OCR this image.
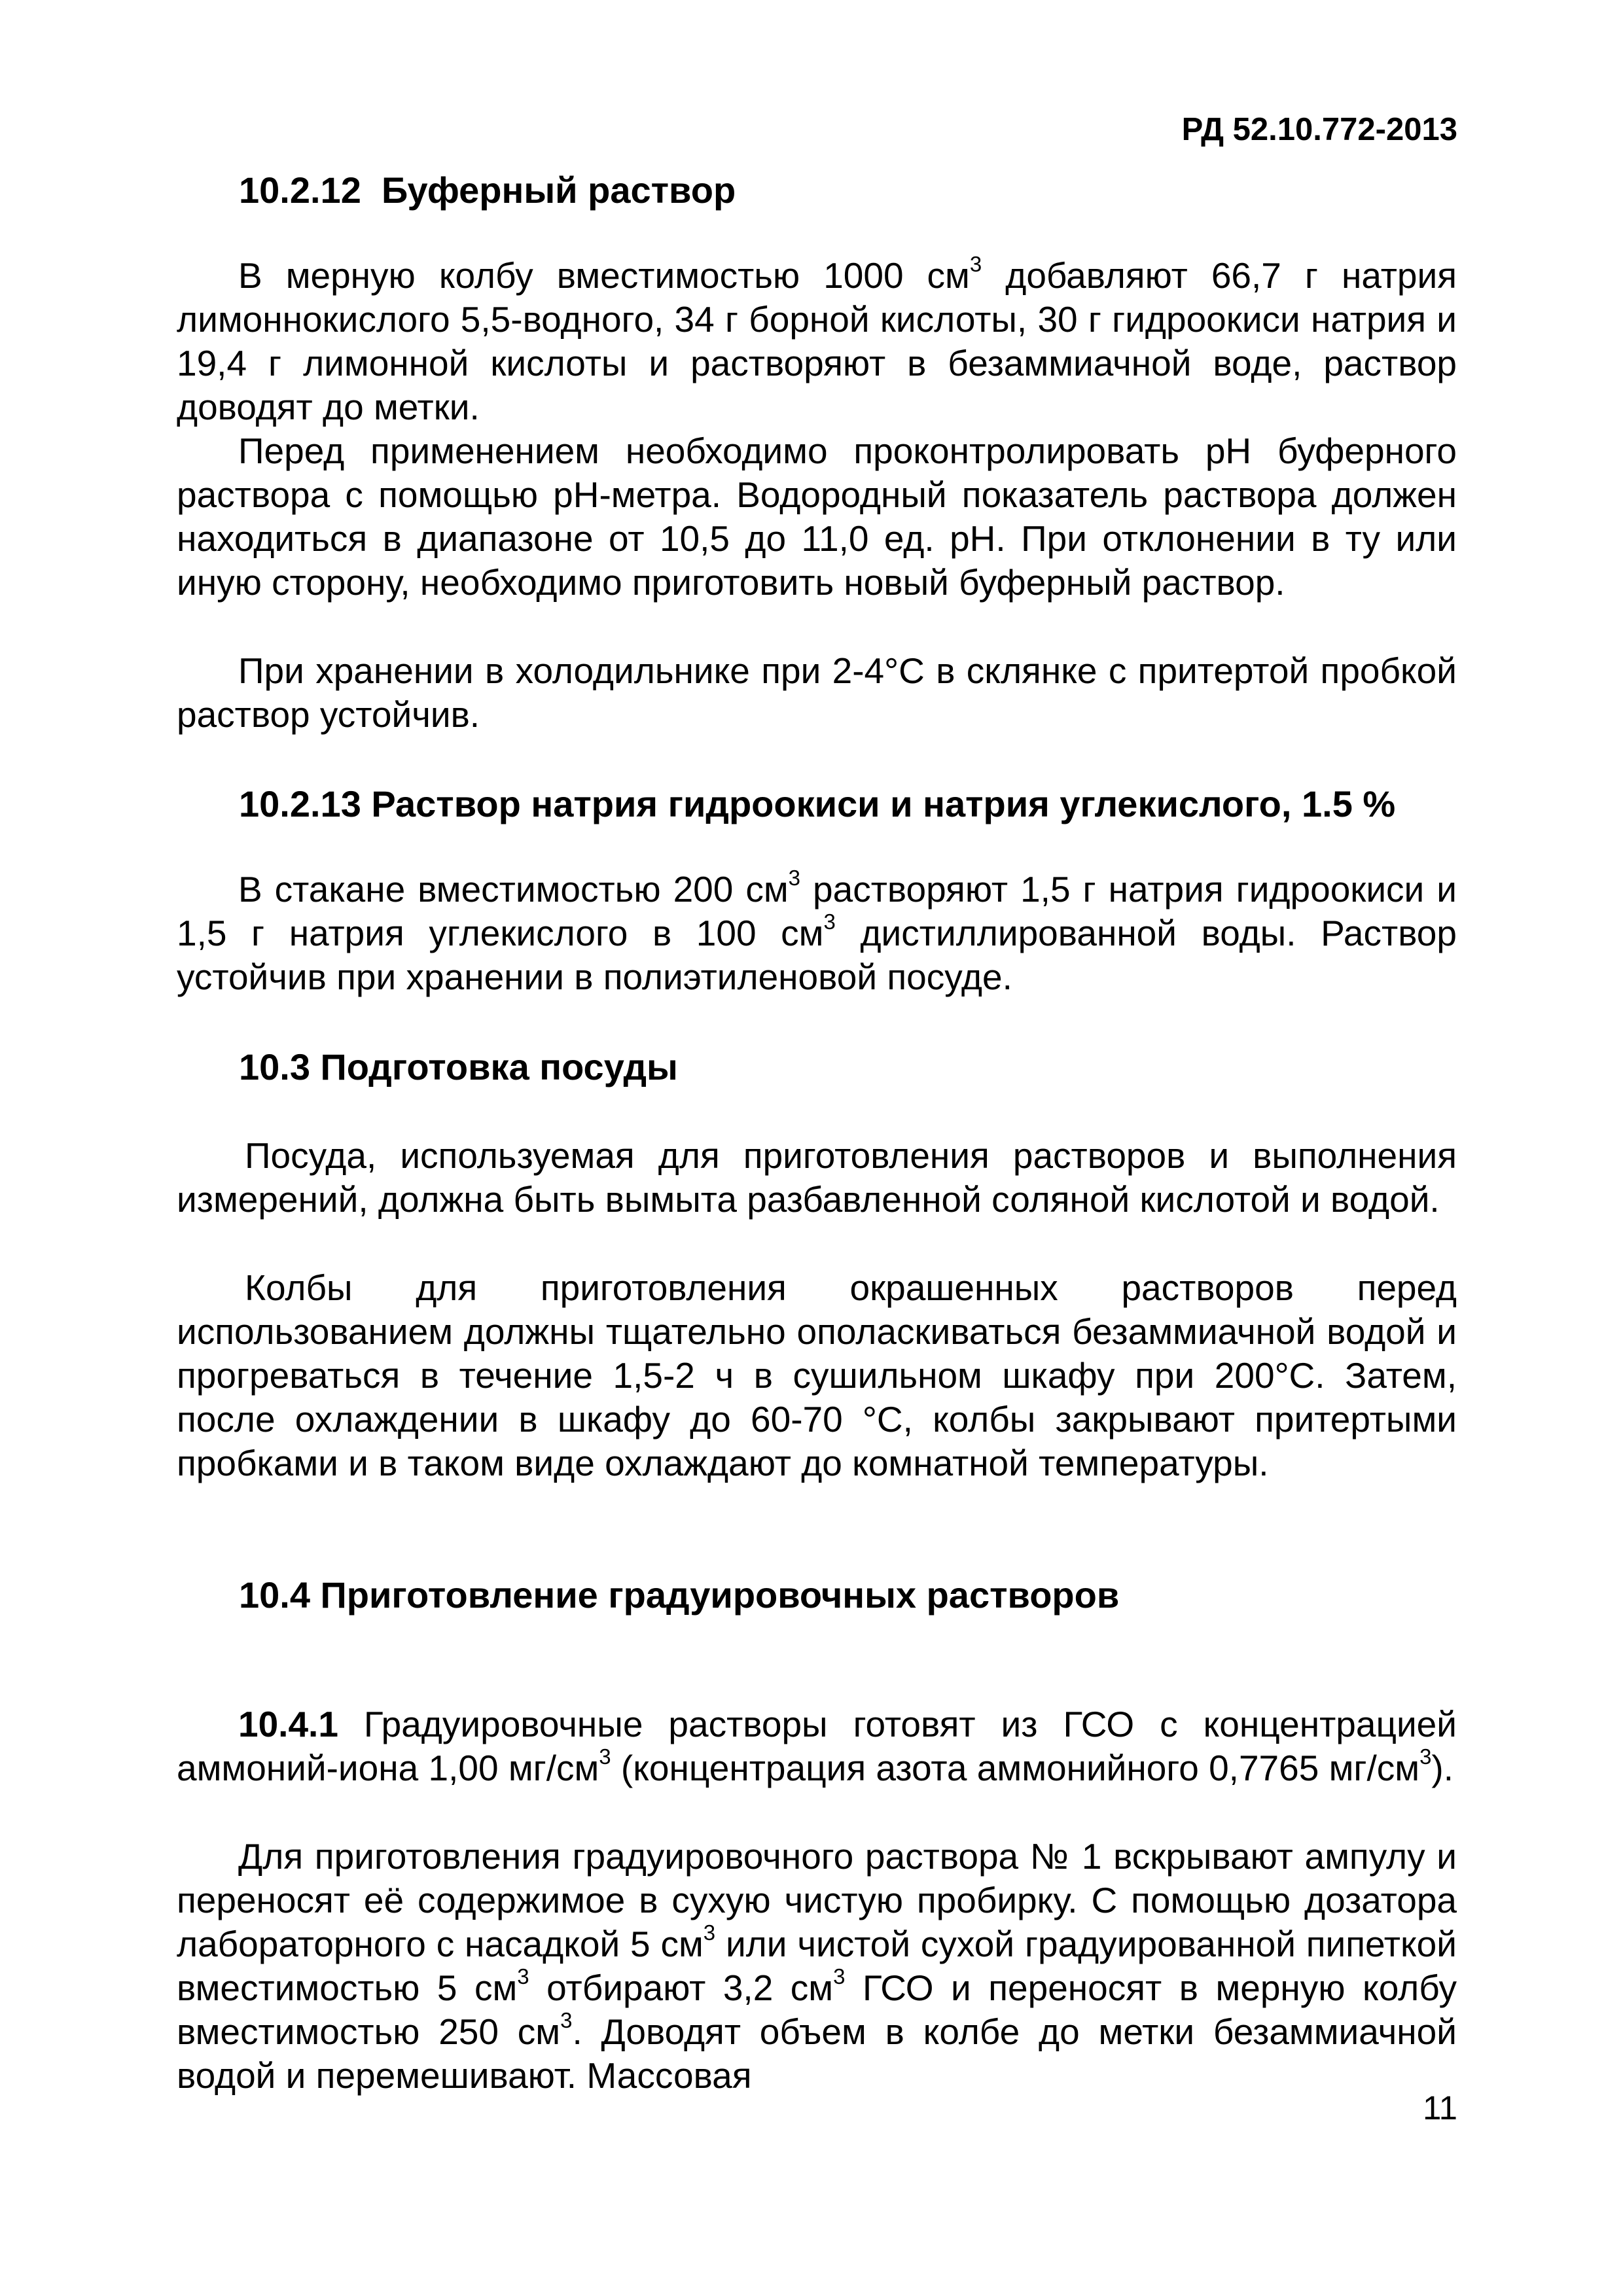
РД 52.10.772-2013
10.2.12 Буферный раствор
В мерную колбу вместимостью 1000 $см^3$ добавляют 66,7 г натрия лимоннокислого 5,5-водного, 34 г борной кислоты, 30 г гидроокиси натрия и 19,4 г лимонной кислоты и растворяют в безаммиачной воде, раствор доводят до метки.
Перед применением необходимо проконтролировать pH буферного раствора с помощью pH-метра. Водородный показатель раствора должен находиться в диапазоне от 10,5 до 11,0 ед. pH. При отклонении в ту или иную сторону, необходимо приготовить новый буферный раствор.
При хранении в холодильнике при 2-4°C в склянке с притертой пробкой раствор устойчив.
10.2.13 Раствор натрия гидроокиси и натрия углекислого, 1.5 %
В стакане вместимостью 200 $см^3$ растворяют 1,5 г натрия гидроокиси и 1,5 г натрия углекислого в 100 $см^3$ дистиллированной воды. Раствор устойчив при хранении в полиэтиленовой посуде.
10.3 Подготовка посуды
Посуда, используемая для приготовления растворов и выполнения измерений, должна быть вымыта разбавленной соляной кислотой и водой.
Колбы для приготовления окрашенных растворов перед использованием должны тщательно ополаскиваться безаммиачной водой и прогреваться в течение 1,5-2 ч в сушильном шкафу при 200°C. Затем, после охлаждении в шкафу до 60-70 °C, колбы закрывают притертыми пробками и в таком виде охлаждают до комнатной температуры.
10.4 Приготовление градуировочных растворов
10.4.1 Градуировочные растворы готовят из ГСО с концентрацией аммоний-иона 1,00 $мг/см^3$ (концентрация азота аммонийного 0,7765 $мг/см^3$).
Для приготовления градуировочного раствора № 1 вскрывают ампулу и переносят её содержимое в сухую чистую пробирку. С помощью дозатора лабораторного с насадкой 5 $см^3$ или чистой сухой градуированной пипеткой вместимостью 5 $см^3$ отбирают 3,2 $см^3$ ГСО и переносят в мерную колбу вместимостью 250 $см^3$. Доводят объем в колбе до метки безаммиачной водой и перемешивают. Массовая
11
